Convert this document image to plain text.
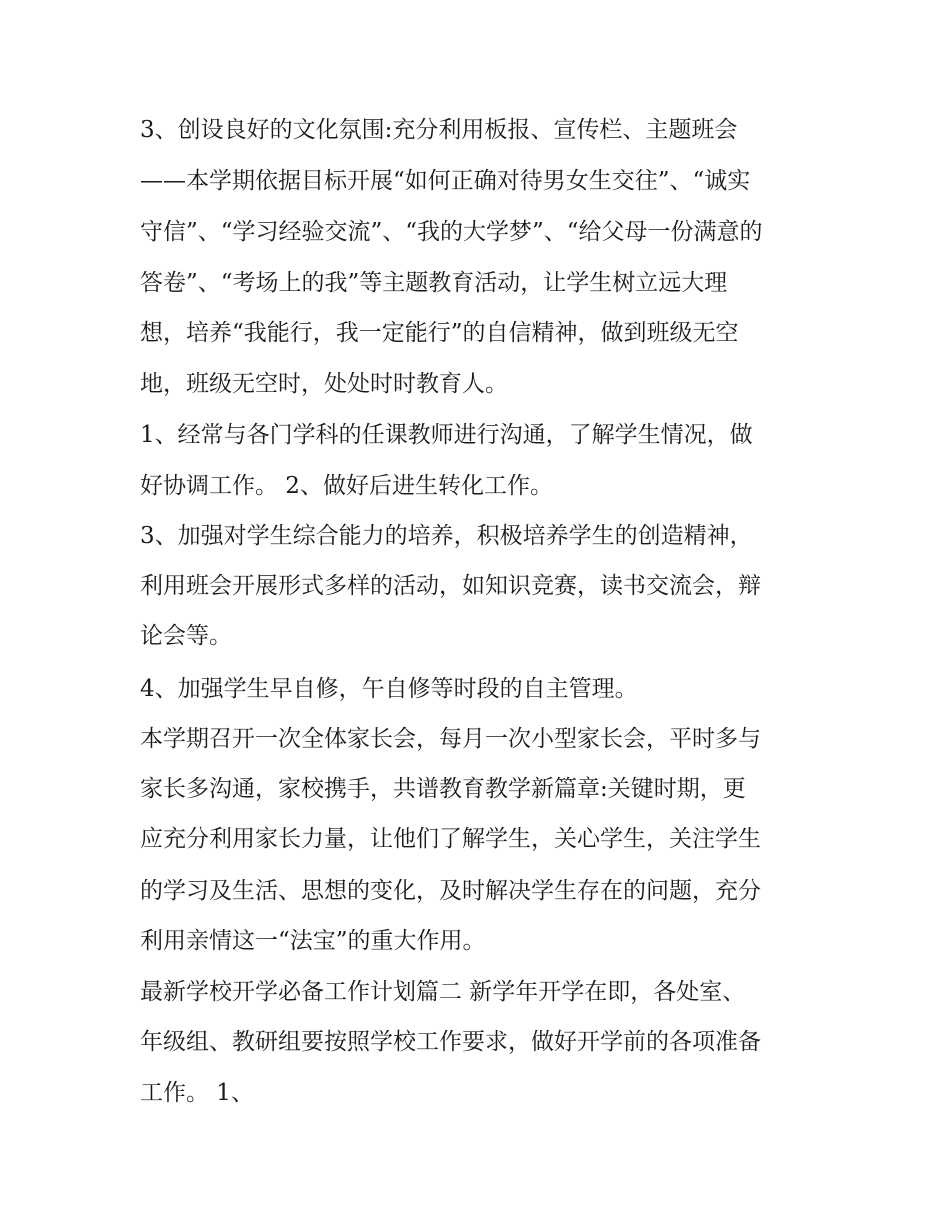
3、创设良好的文化氛围:充分利用板报、宣传栏、主题班会

——本学期依据目标开展“如何正确对待男女生交往”、“诚实

守信”、“学习经验交流”、“我的大学梦”、“给父母一份满意的

答卷”、“考场上的我”等主题教育活动，让学生树立远大理

想，培养“我能行，我一定能行”的自信精神，做到班级无空

地，班级无空时，处处时时教育人。

1、经常与各门学科的任课教师进行沟通，了解学生情况，做

好协调工作。 2、做好后进生转化工作。

3、加强对学生综合能力的培养，积极培养学生的创造精神，

利用班会开展形式多样的活动，如知识竞赛，读书交流会，辩

论会等。

4、加强学生早自修，午自修等时段的自主管理。

本学期召开一次全体家长会，每月一次小型家长会，平时多与

家长多沟通，家校携手，共谱教育教学新篇章:关键时期，更

应充分利用家长力量，让他们了解学生，关心学生，关注学生

的学习及生活、思想的变化，及时解决学生存在的问题，充分

利用亲情这一“法宝”的重大作用。

最新学校开学必备工作计划篇二 新学年开学在即，各处室、

年级组、教研组要按照学校工作要求，做好开学前的各项准备

工作。 1、
